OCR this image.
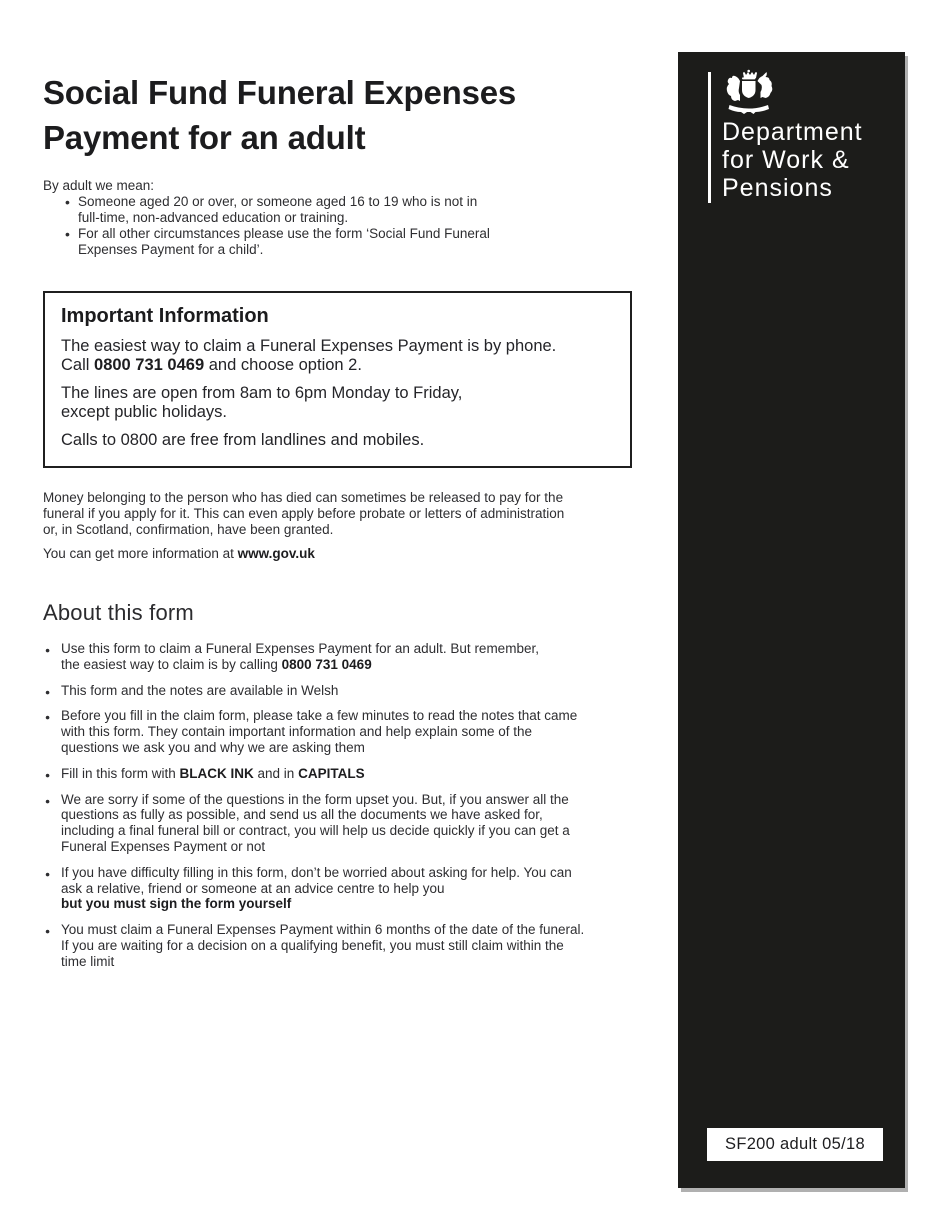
Social Fund Funeral Expenses
Payment for an adult

By adult we mean:

• Someone aged 20 or over, or someone aged 16 to 19 who is not in
full-time, non-advanced education or training.
• For all other circumstances please use the form ‘Social Fund Funeral
Expenses Payment for a child’.
Important Information

The easiest way to claim a Funeral Expenses Payment is by phone.
Call 0800 731 0469 and choose option 2.

The lines are open from 8am to 6pm Monday to Friday,
except public holidays.

Calls to 0800 are free from landlines and mobiles.

Money belonging to the person who has died can sometimes be released to pay for the funeral if you apply for it. This can even apply before probate or letters of administration or, in Scotland, confirmation, have been granted.

You can get more information at www.gov.uk

About this form
● Use this form to claim a Funeral Expenses Payment for an adult. But remember,
the easiest way to claim is by calling 0800 731 0469
● This form and the notes are available in Welsh
● Before you fill in the claim form, please take a few minutes to read the notes that came with this form. They contain important information and help explain some of the questions we ask you and why we are asking them
● Fill in this form with BLACK INK and in CAPITALS
● We are sorry if some of the questions in the form upset you. But, if you answer all the questions as fully as possible, and send us all the documents we have asked for, including a final funeral bill or contract, you will help us decide quickly if you can get a Funeral Expenses Payment or not
● If you have difficulty filling in this form, don’t be worried about asking for help. You can ask a relative, friend or someone at an advice centre to help you
but you must sign the form yourself
● You must claim a Funeral Expenses Payment within 6 months of the date of the funeral. If you are waiting for a decision on a qualifying benefit, you must still claim within the time limit
Department
for Work &
Pensions
SF200 adult 05/18
